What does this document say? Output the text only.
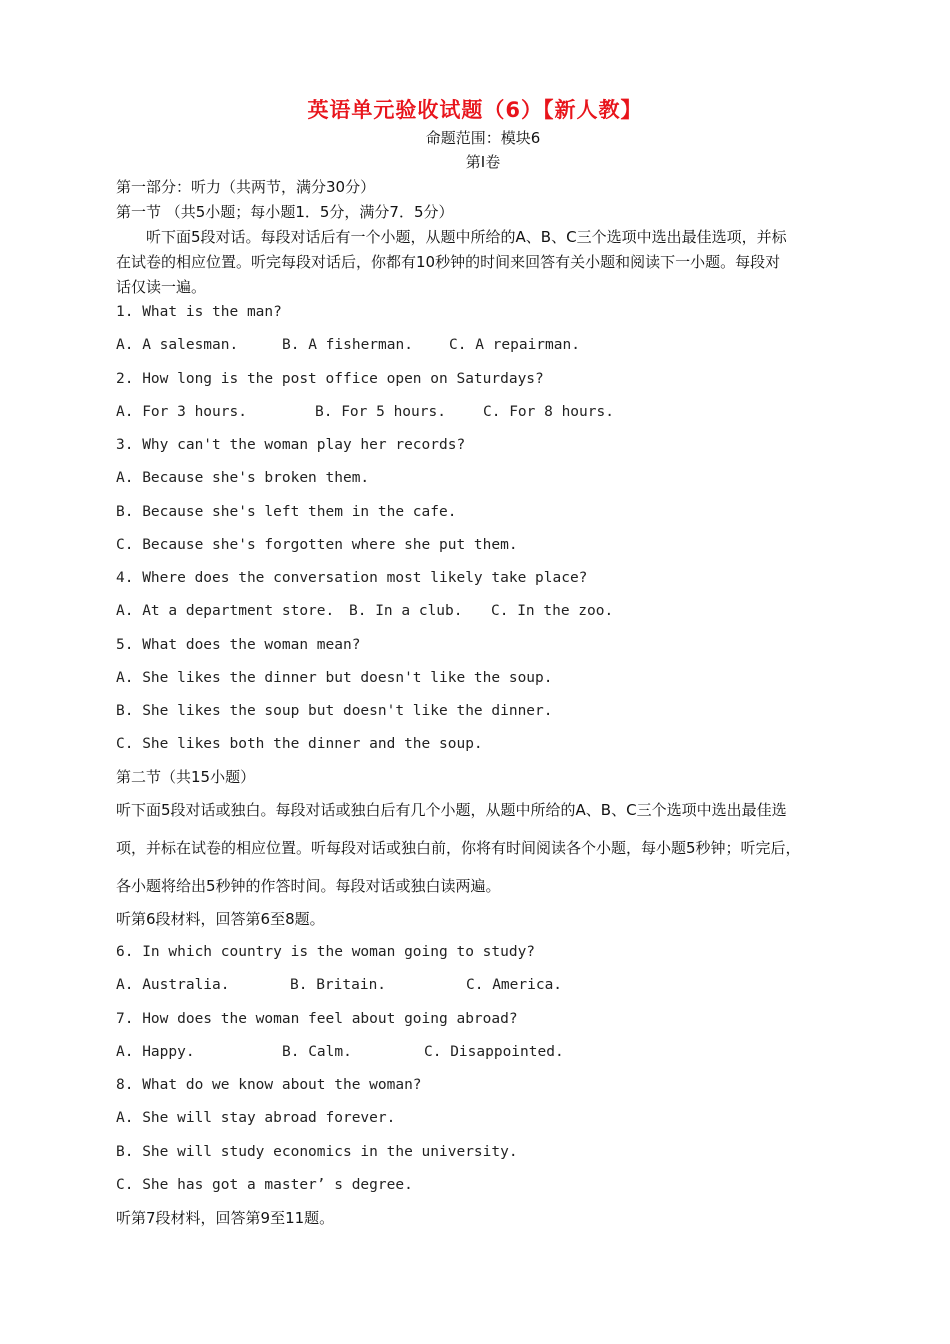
英语单元验收试题（6）【新人教】
命题范围：模块6
第Ⅰ卷
第一部分：听力（共两节，满分30分）
第一节 （共5小题；每小题1．5分，满分7．5分）
听下面5段对话。每段对话后有一个小题，从题中所给的A、B、C三个选项中选出最佳选项，并标
在试卷的相应位置。听完每段对话后，你都有10秒钟的时间来回答有关小题和阅读下一小题。每段对
话仅读一遍。
1. What is the man?
A. A salesman.	B. A fisherman. C. A repairman.
2. How long is the post office open on Saturdays?
A. For 3 hours.	B. For 5 hours.	C. For 8 hours.
3. Why can't the woman play her records?
A. Because she's broken them.
B. Because she's left them in the cafe.
C. Because she's forgotten where she put them.
4. Where does the conversation most likely take place?
A. At a department store. B. In a club. C. In the zoo.
5. What does the woman mean?
A. She likes the dinner but doesn't like the soup.
B. She likes the soup but doesn't like the dinner.
C. She likes both the dinner and the soup.
第二节（共15小题）
听下面5段对话或独白。每段对话或独白后有几个小题，从题中所给的A、B、C三个选项中选出最佳选
项，并标在试卷的相应位置。听每段对话或独白前，你将有时间阅读各个小题，每小题5秒钟；听完后，
各小题将给出5秒钟的作答时间。每段对话或独白读两遍。
听第6段材料，回答第6至8题。
6. In which country is the woman going to study?
A. Australia.	B. Britain.	C. America.
7. How does the woman feel about going abroad?
A. Happy.	B. Calm.	C. Disappointed.
8. What do we know about the woman?
A. She will stay abroad forever.
B. She will study economics in the university.
C. She has got a master’ s degree.
听第7段材料，回答第9至11题。
